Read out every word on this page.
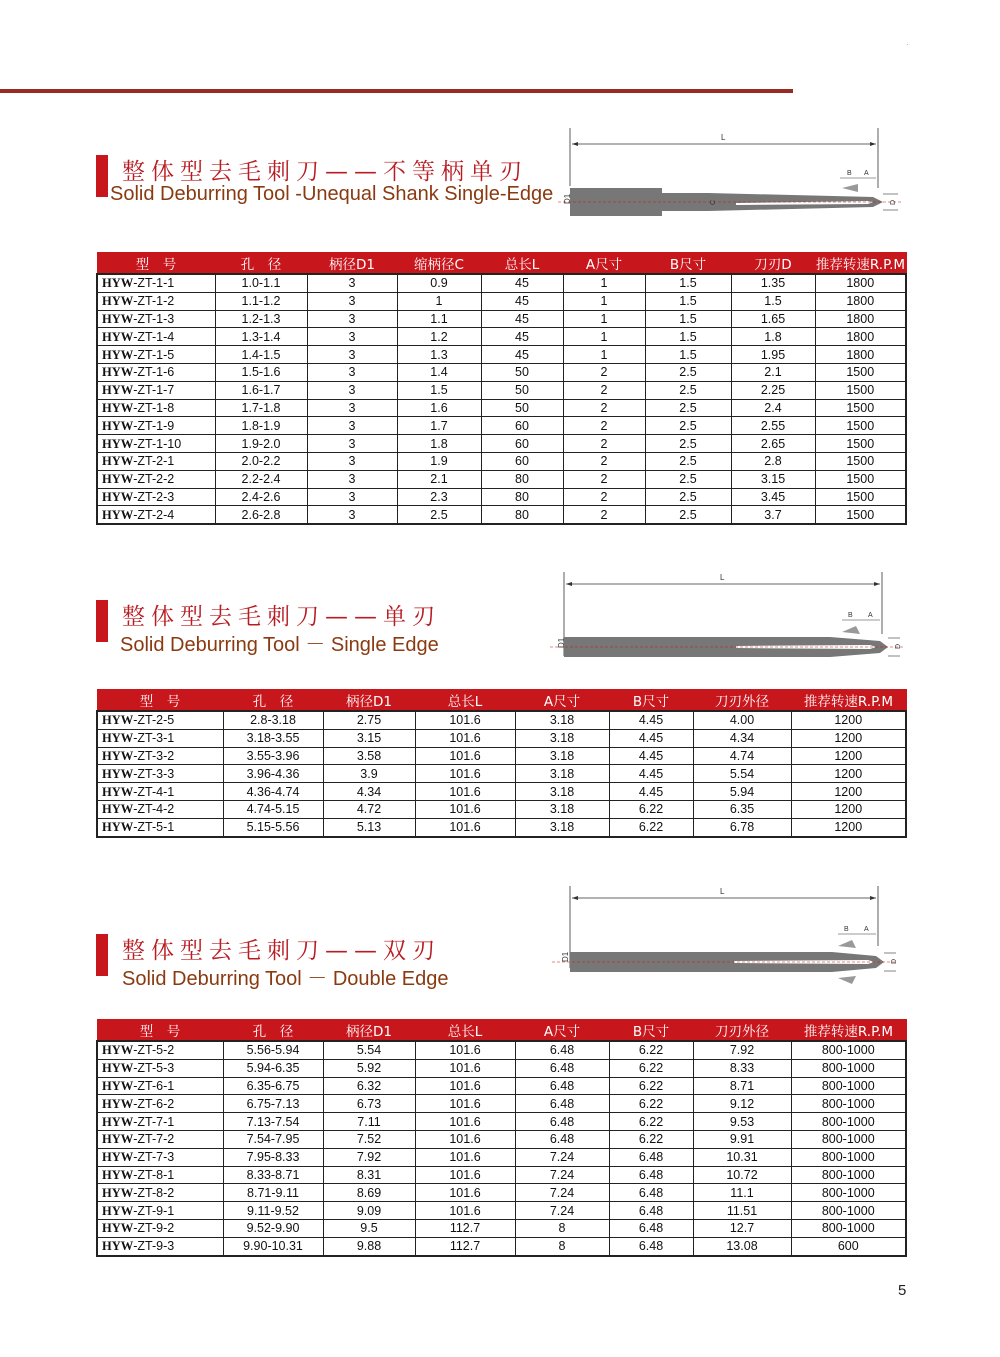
·
整体型去毛刺刀——不等柄单刃
Solid Deburring Tool -Unequal Shank Single-Edge
L
D1	C
B A
D
型　号	孔　径	柄径D1	缩柄径C	总长L	A尺寸	B尺寸	刀刃D	推荐转速R.P.M
HYW-ZT-1-1	1.0-1.1	3	0.9	45	1	1.5	1.35	1800
HYW-ZT-1-2	1.1-1.2	3	1	45	1	1.5	1.5	1800
HYW-ZT-1-3	1.2-1.3	3	1.1	45	1	1.5	1.65	1800
HYW-ZT-1-4	1.3-1.4	3	1.2	45	1	1.5	1.8	1800
HYW-ZT-1-5	1.4-1.5	3	1.3	45	1	1.5	1.95	1800
HYW-ZT-1-6	1.5-1.6	3	1.4	50	2	2.5	2.1	1500
HYW-ZT-1-7	1.6-1.7	3	1.5	50	2	2.5	2.25	1500
HYW-ZT-1-8	1.7-1.8	3	1.6	50	2	2.5	2.4	1500
HYW-ZT-1-9	1.8-1.9	3	1.7	60	2	2.5	2.55	1500
HYW-ZT-1-10	1.9-2.0	3	1.8	60	2	2.5	2.65	1500
HYW-ZT-2-1	2.0-2.2	3	1.9	60	2	2.5	2.8	1500
HYW-ZT-2-2	2.2-2.4	3	2.1	80	2	2.5	3.15	1500
HYW-ZT-2-3	2.4-2.6	3	2.3	80	2	2.5	3.45	1500
HYW-ZT-2-4	2.6-2.8	3	2.5	80	2	2.5	3.7	1500
整体型去毛刺刀——单刃
Solid Deburring Tool － Single Edge
L
D1
B A
D
型　号	孔　径	柄径D1	总长L	A尺寸	B尺寸	刀刃外径	推荐转速R.P.M
HYW-ZT-2-5	2.8-3.18	2.75	101.6	3.18	4.45	4.00	1200
HYW-ZT-3-1	3.18-3.55	3.15	101.6	3.18	4.45	4.34	1200
HYW-ZT-3-2	3.55-3.96	3.58	101.6	3.18	4.45	4.74	1200
HYW-ZT-3-3	3.96-4.36	3.9	101.6	3.18	4.45	5.54	1200
HYW-ZT-4-1	4.36-4.74	4.34	101.6	3.18	4.45	5.94	1200
HYW-ZT-4-2	4.74-5.15	4.72	101.6	3.18	6.22	6.35	1200
HYW-ZT-5-1	5.15-5.56	5.13	101.6	3.18	6.22	6.78	1200
整体型去毛刺刀——双刃
Solid Deburring Tool － Double Edge
L
D1
B A
D
型　号	孔　径	柄径D1	总长L	A尺寸	B尺寸	刀刃外径	推荐转速R.P.M
HYW-ZT-5-2	5.56-5.94	5.54	101.6	6.48	6.22	7.92	800-1000
HYW-ZT-5-3	5.94-6.35	5.92	101.6	6.48	6.22	8.33	800-1000
HYW-ZT-6-1	6.35-6.75	6.32	101.6	6.48	6.22	8.71	800-1000
HYW-ZT-6-2	6.75-7.13	6.73	101.6	6.48	6.22	9.12	800-1000
HYW-ZT-7-1	7.13-7.54	7.11	101.6	6.48	6.22	9.53	800-1000
HYW-ZT-7-2	7.54-7.95	7.52	101.6	6.48	6.22	9.91	800-1000
HYW-ZT-7-3	7.95-8.33	7.92	101.6	7.24	6.48	10.31	800-1000
HYW-ZT-8-1	8.33-8.71	8.31	101.6	7.24	6.48	10.72	800-1000
HYW-ZT-8-2	8.71-9.11	8.69	101.6	7.24	6.48	11.1	800-1000
HYW-ZT-9-1	9.11-9.52	9.09	101.6	7.24	6.48	11.51	800-1000
HYW-ZT-9-2	9.52-9.90	9.5	112.7	8	6.48	12.7	800-1000
HYW-ZT-9-3	9.90-10.31	9.88	112.7	8	6.48	13.08	600
5
